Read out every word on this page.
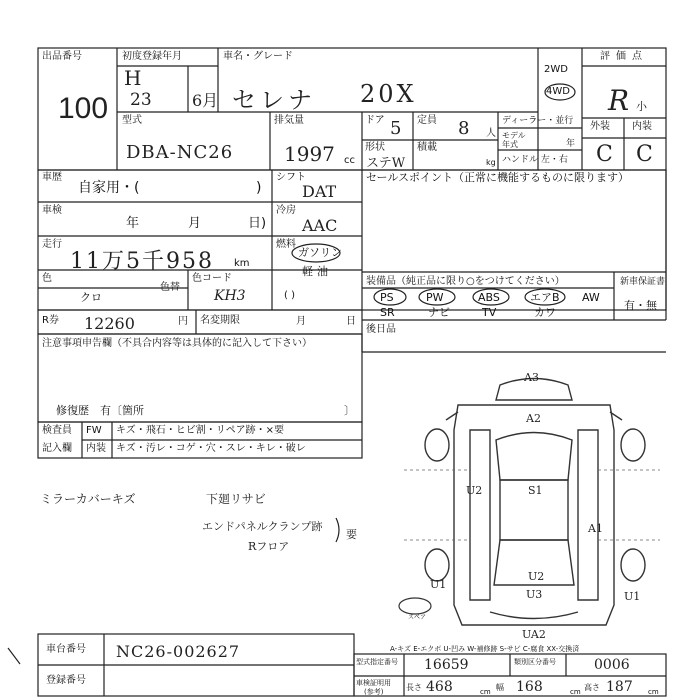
出品番号
100
初度登録年月
H
23	6月
車名・グレード
セレナ 20X
2WD
4WD
評価点
R 小
外装 内装
C C
型式
DBA-NC26
排気量
1997 cc
ドア 5 定員 8 人
形状
ステW
積載
kg
ディーラー・並行
モデル年式	年
ハンドル 左・右
車歴
自家用・(	)
シフト
DAT
車検
年	月	日)
冷房
AAC
走行
11万5千958 km
燃料
ガソリン
軽油
( )
色
クロ
色替
色コード
KH3
セールスポイント（正常に機能するものに限ります）
装備品（純正品に限り○をつけてください）
PS	PW	ABS	エアB AW
SR	ナビ	TV	カワ
新車保証書
有・無
R券 12260	円 名変期限	月	日
後日品
注意事項申告欄（不具合内容等は具体的に記入して下さい）
修復歴　有〔箇所	〕
検査員
記入欄
FW キズ・飛石・ヒビ割・リペア跡・×要
内装 キズ・汚レ・コゲ・穴・スレ・キレ・破レ
ミラーカバーキズ	下廻リサビ
エンドパネルクランプ跡
Rフロア
要
A3
A2
U2	S1
A1
U1
U2
U3
UA2
U1
スペア
A-キズ E-エクボ U-凹み W-補修跡 S-サビ C-腐食 XX-交換済
車台番号 NC26-002627
登録番号
型式指定番号 16659	類別区分番号	0006
車検証明用
(参考)	長さ 468	cm 幅 168	cm 高さ 187 cm
